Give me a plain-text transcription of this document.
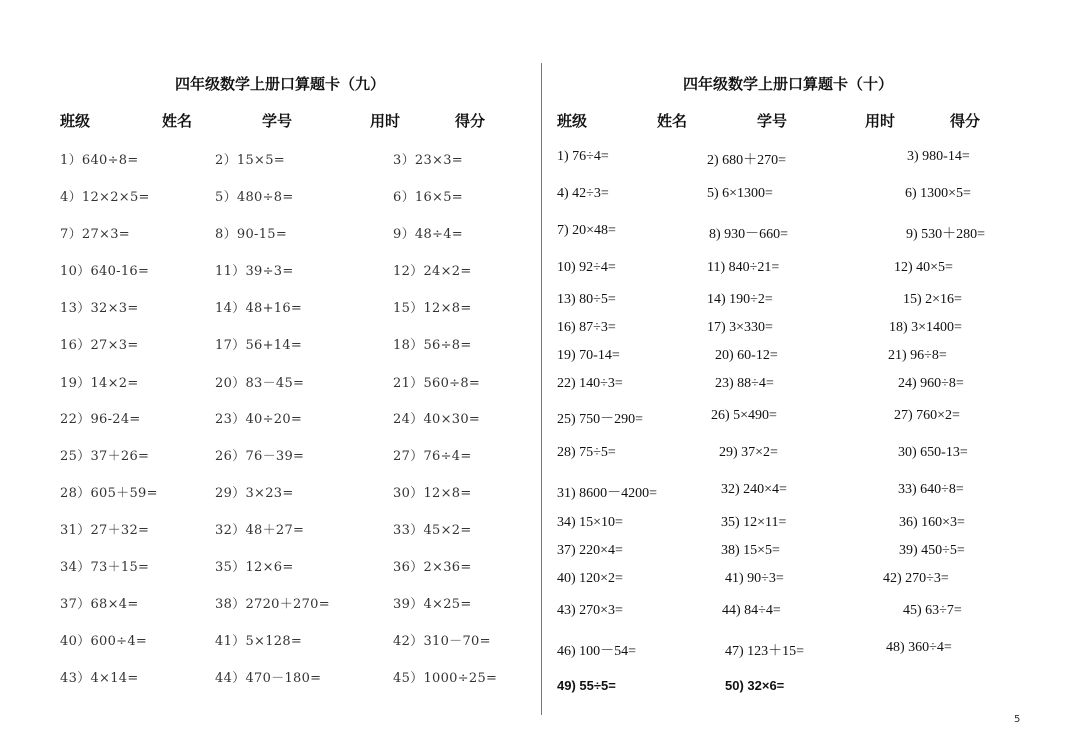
四年级数学上册口算题卡（九）
班级	姓名	学号	用时	得分
1）640÷8=	2）15×5=	3）23×3=
4）12×2×5=	5）480÷8=	6）16×5=
7）27×3=	8）90-15=	9）48÷4=
10）640-16=	11）39÷3=	12）24×2=
13）32×3=	14）48+16=	15）12×8=
16）27×3=	17）56+14=	18）56÷8=
19）14×2=	20）83－45=	21）560÷8=
22）96-24=	23）40÷20=	24）40×30=
25）37＋26=	26）76－39=	27）76÷4=
28）605＋59=	29）3×23=	30）12×8=
31）27＋32=	32）48＋27=	33）45×2=
34）73＋15=	35）12×6=	36）2×36=
37）68×4=	38）2720＋270=	39）4×25=
40）600÷4=	41）5×128=	42）310－70=
43）4×14=	44）470－180=	45）1000÷25=
四年级数学上册口算题卡（十）
班级	姓名	学号	用时	得分
1) 76÷4=	2) 680＋270=	3) 980-14=
4) 42÷3=	5) 6×1300=	6) 1300×5=
7) 20×48=	8) 930－660=	9) 530＋280=
10) 92÷4=	11) 840÷21=	12) 40×5=
13) 80÷5=	14) 190÷2=	15) 2×16=
16) 87÷3=	17) 3×330=	18) 3×1400=
19) 70-14=	20) 60-12=	21) 96÷8=
22) 140÷3=	23) 88÷4=	24) 960÷8=
25) 750－290=	26) 5×490=	27) 760×2=
28) 75÷5=	29) 37×2=	30) 650-13=
31) 8600－4200=	32) 240×4=	33) 640÷8=
34) 15×10=	35) 12×11=	36) 160×3=
37) 220×4=	38) 15×5=	39) 450÷5=
40) 120×2=	41) 90÷3=	42) 270÷3=
43) 270×3=	44) 84÷4=	45) 63÷7=
46) 100－54=	47) 123＋15=	48) 360÷4=
49) 55÷5=	50) 32×6=
5
